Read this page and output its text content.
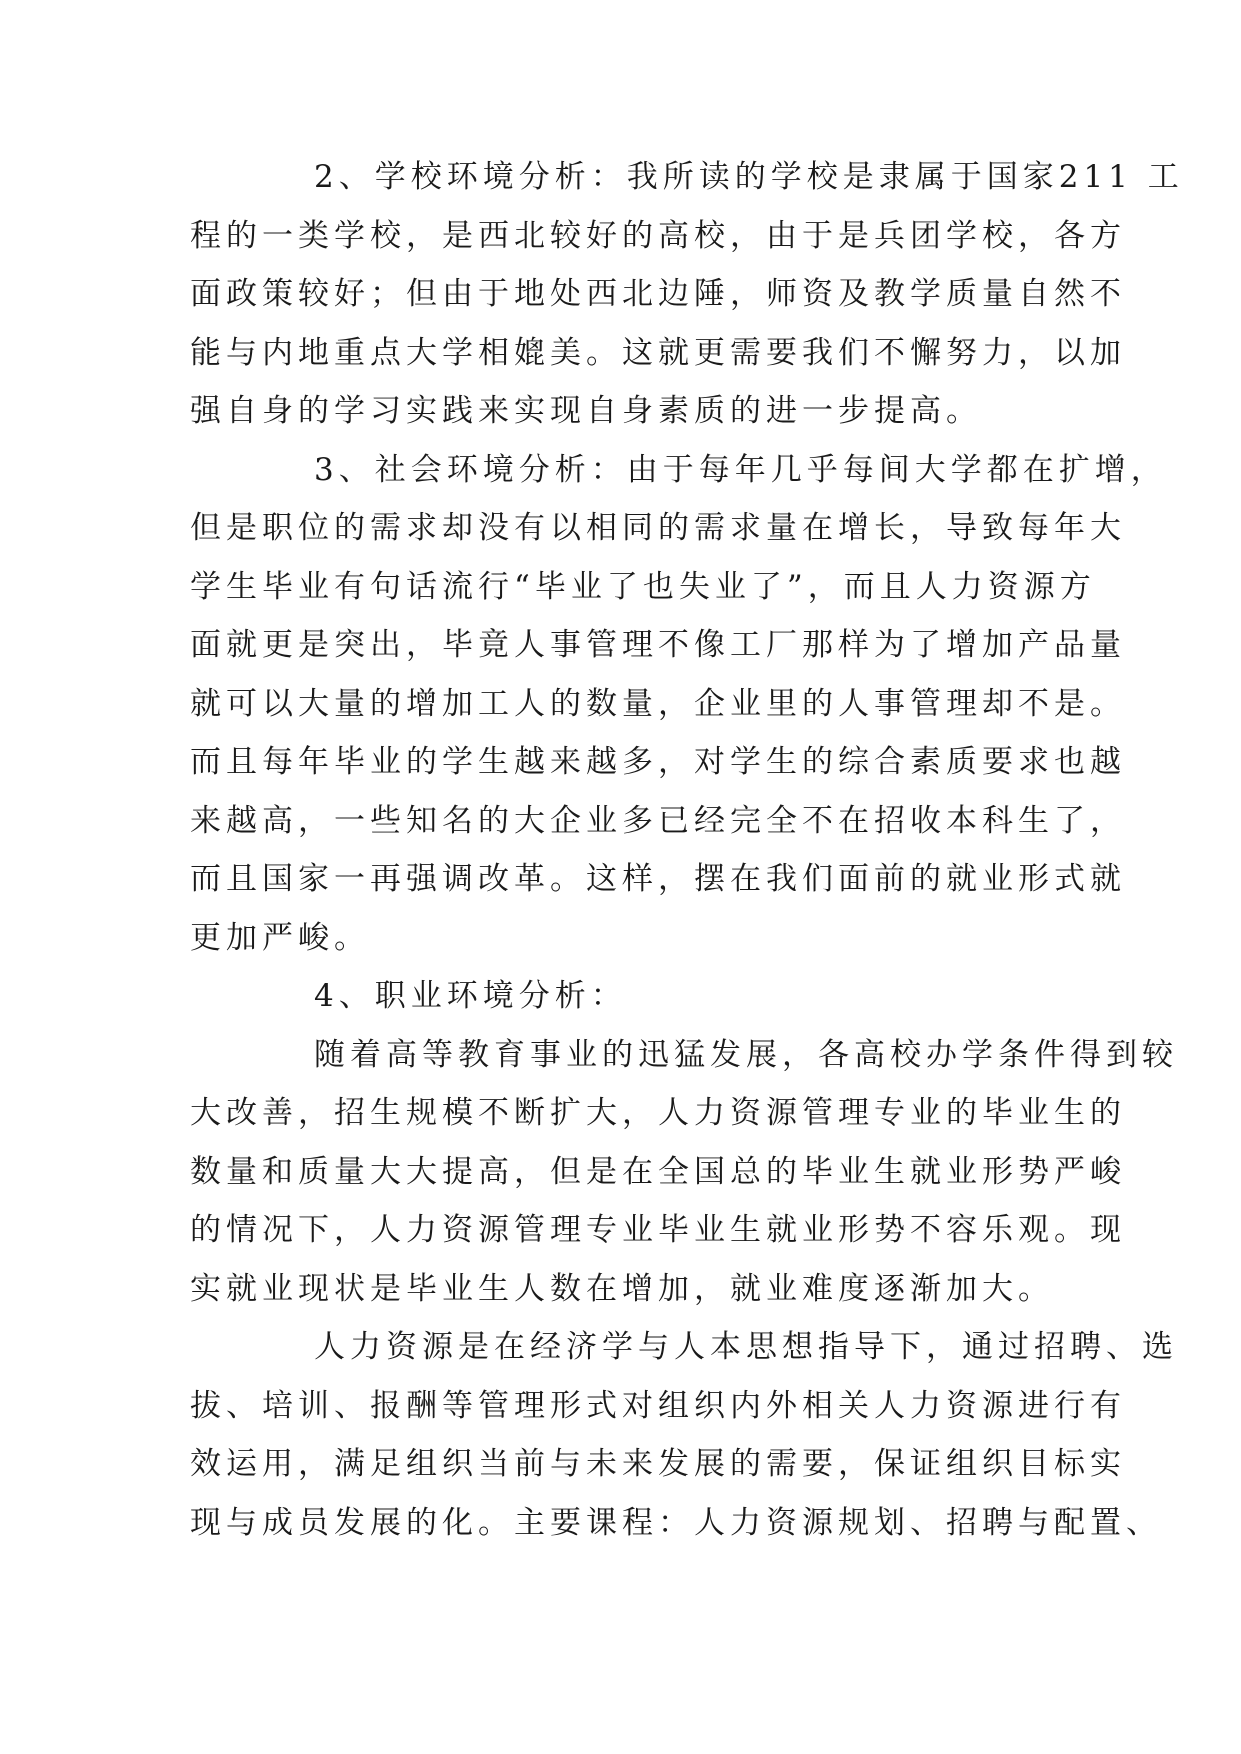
2、学校环境分析：我所读的学校是隶属于国家211 工
程的一类学校，是西北较好的高校，由于是兵团学校，各方
面政策较好；但由于地处西北边陲，师资及教学质量自然不
能与内地重点大学相媲美。这就更需要我们不懈努力，以加
强自身的学习实践来实现自身素质的进一步提高。
3、社会环境分析：由于每年几乎每间大学都在扩增，
但是职位的需求却没有以相同的需求量在增长，导致每年大
学生毕业有句话流行“毕业了也失业了”，而且人力资源方
面就更是突出，毕竟人事管理不像工厂那样为了增加产品量
就可以大量的增加工人的数量，企业里的人事管理却不是。
而且每年毕业的学生越来越多，对学生的综合素质要求也越
来越高，一些知名的大企业多已经完全不在招收本科生了，
而且国家一再强调改革。这样，摆在我们面前的就业形式就
更加严峻。
4、职业环境分析：
随着高等教育事业的迅猛发展，各高校办学条件得到较
大改善，招生规模不断扩大，人力资源管理专业的毕业生的
数量和质量大大提高，但是在全国总的毕业生就业形势严峻
的情况下，人力资源管理专业毕业生就业形势不容乐观。现
实就业现状是毕业生人数在增加，就业难度逐渐加大。
人力资源是在经济学与人本思想指导下，通过招聘、选
拔、培训、报酬等管理形式对组织内外相关人力资源进行有
效运用，满足组织当前与未来发展的需要，保证组织目标实
现与成员发展的化。主要课程：人力资源规划、招聘与配置、
